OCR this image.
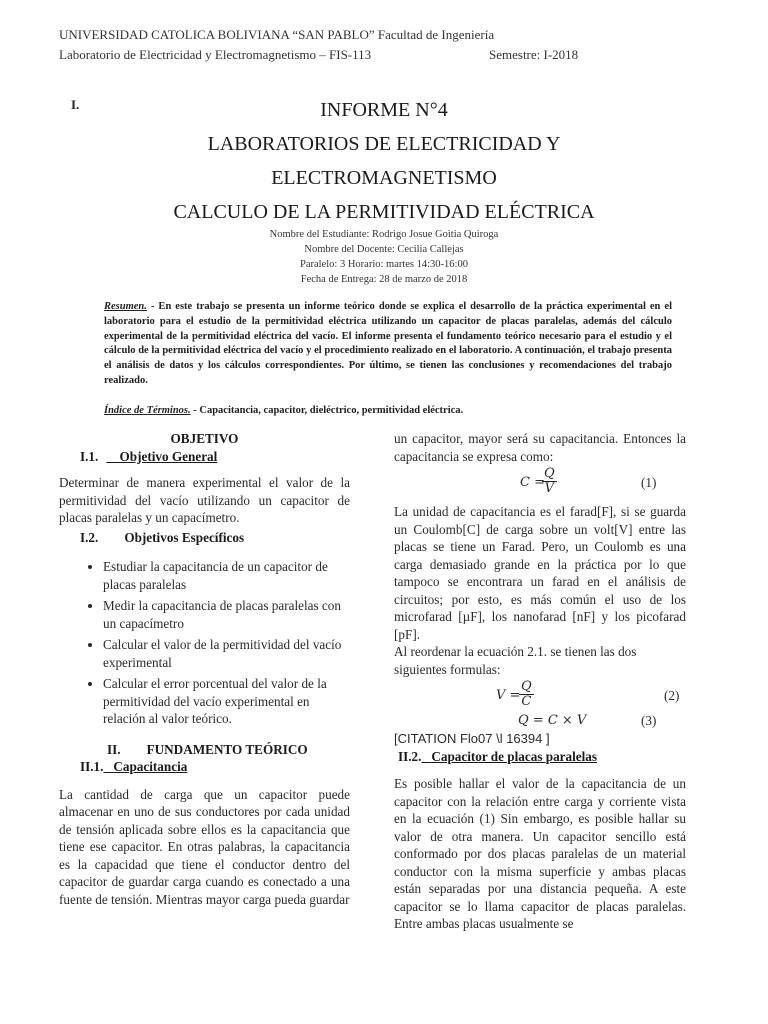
UNIVERSIDAD CATOLICA BOLIVIANA “SAN PABLO” Facultad de Ingeniería
Laboratorio de Electricidad y Electromagnetismo – FIS-113	Semestre: I-2018
I.	INFORME N°4
LABORATORIOS DE ELECTRICIDAD Y
ELECTROMAGNETISMO
CALCULO DE LA PERMITIVIDAD ELÉCTRICA
Nombre del Estudiante: Rodrigo Josue Goitia Quiroga
Nombre del Docente: Cecilia Callejas
Paralelo: 3 Horario: martes 14:30-16:00
Fecha de Entrega: 28 de marzo de 2018
Resumen. - En este trabajo se presenta un informe teórico donde se explica el desarrollo de la práctica experimental en el laboratorio para el estudio de la permitividad eléctrica utilizando un capacitor de placas paralelas, además del cálculo experimental de la permitividad eléctrica del vacío. El informe presenta el fundamento teórico necesario para el estudio y el cálculo de la permitividad eléctrica del vacío y el procedimiento realizado en el laboratorio. A continuación, el trabajo presenta el análisis de datos y los cálculos correspondientes. Por último, se tienen las conclusiones y recomendaciones del trabajo realizado.
Índice de Términos. - Capacitancia, capacitor, dieléctrico, permitividad eléctrica.
OBJETIVO
I.1. Objetivo General
Determinar de manera experimental el valor de la permitividad del vacío utilizando un capacitor de placas paralelas y un capacímetro.
I.2. Objetivos Específicos
• Estudiar la capacitancia de un capacitor de placas paralelas
• Medir la capacitancia de placas paralelas con un capacímetro
• Calcular el valor de la permitividad del vacío experimental
• Calcular el error porcentual del valor de la permitividad del vacío experimental en relación al valor teórico.
II. FUNDAMENTO TEÓRICO
II.1. Capacitancia
La cantidad de carga que un capacitor puede almacenar en uno de sus conductores por cada unidad de tensión aplicada sobre ellos es la capacitancia que tiene ese capacitor. En otras palabras, la capacitancia es la capacidad que tiene el conductor dentro del capacitor de guardar carga cuando es conectado a una fuente de tensión. Mientras mayor carga pueda guardar
un capacitor, mayor será su capacitancia. Entonces la capacitancia se expresa como:
C =
$\frac{Q}{V}$	(1)
La unidad de capacitancia es el farad[F], si se guarda un Coulomb[C] de carga sobre un volt[V] entre las placas se tiene un Farad. Pero, un Coulomb es una carga demasiado grande en la práctica por lo que tampoco se encontrara un farad en el análisis de circuitos; por esto, es más común el uso de los microfarad [µF], los nanofarad [nF] y los picofarad [pF].
Al reordenar la ecuación 2.1. se tienen las dos siguientes formulas:
V =
$\frac{Q}{C}$	(2)
Q = C × V	(3)
[CITATION Flo07 \l 16394 ]
II.2. Capacitor de placas paralelas
Es posible hallar el valor de la capacitancia de un capacitor con la relación entre carga y corriente vista en la ecuación (1) Sin embargo, es posible hallar su valor de otra manera. Un capacitor sencillo está conformado por dos placas paralelas de un material conductor con la misma superficie y ambas placas están separadas por una distancia pequeña. A este capacitor se lo llama capacitor de placas paralelas. Entre ambas placas usualmente se
